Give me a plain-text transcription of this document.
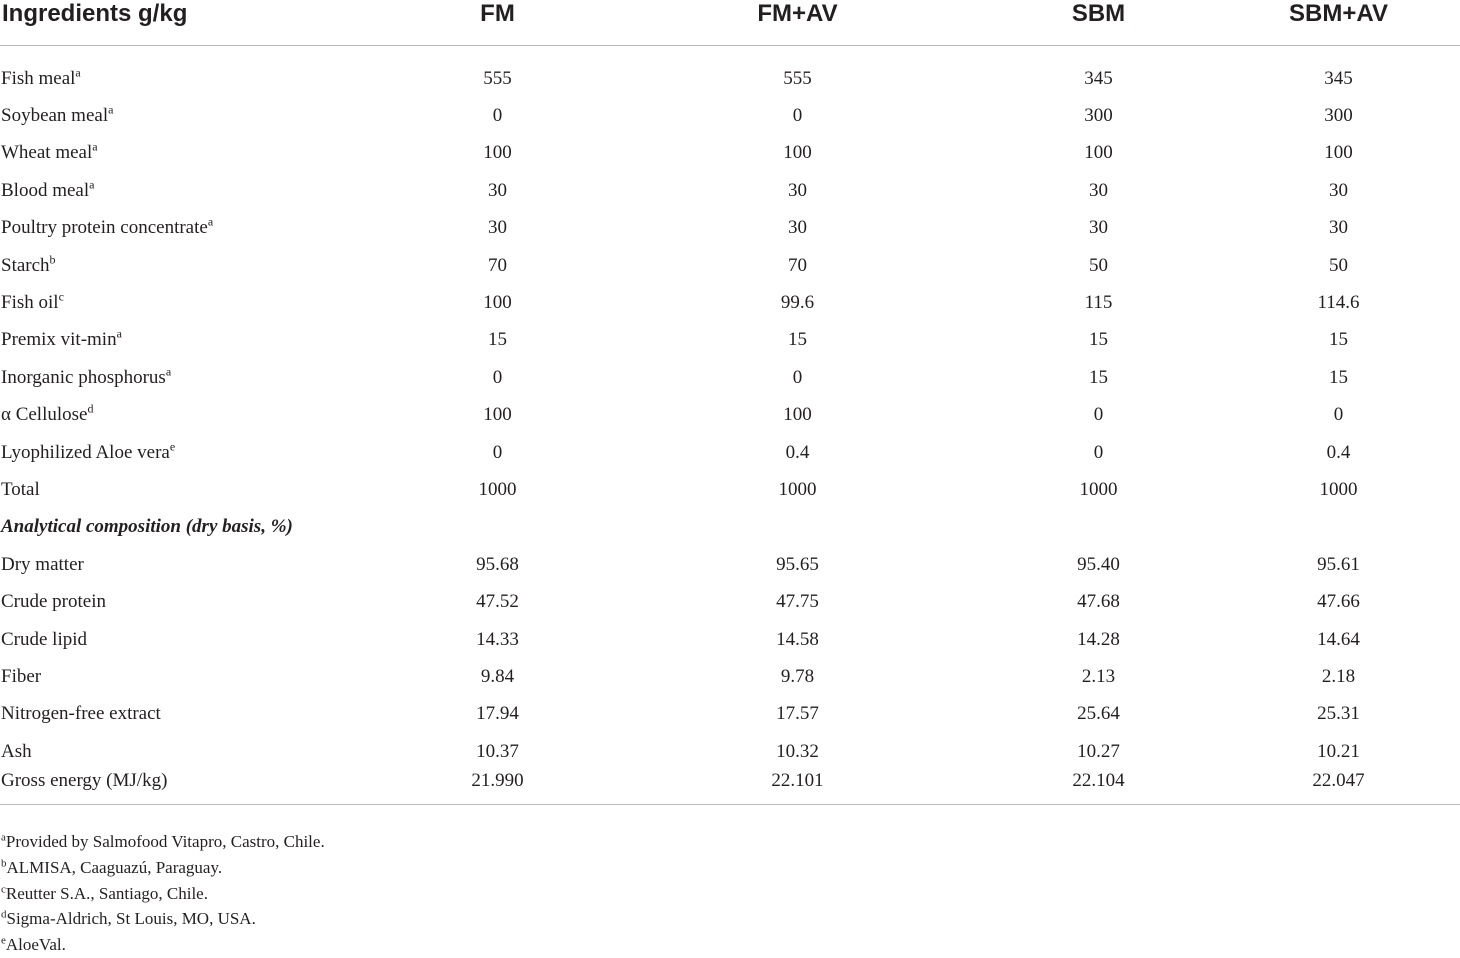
Ingredients g/kg	FM	FM+AV	SBM	SBM+AV

Fish meal$^a$	555	555	345	345
Soybean meal$^a$	0	0	300	300
Wheat meal$^a$	100	100	100	100
Blood meal$^a$	30	30	30	30
Poultry protein concentrate$^a$	30	30	30	30
Starch$^b$	70	70	50	50
Fish oil$^c$	100	99.6	115	114.6
Premix vit-$\min^a$	15	15	15	15
Inorganic phosphorus$^a$	0	0	15	15
α Cellulose$^d$	100	100	0	0
Lyophilized Aloe vera$^e$	0	0.4	0	0.4
Total	1000	1000	1000	1000
Analytical composition (dry basis, %)				
Dry matter	95.68	95.65	95.40	95.61
Crude protein	47.52	47.75	47.68	47.66
Crude lipid	14.33	14.58	14.28	14.64
Fiber	9.84	9.78	2.13	2.18
Nitrogen-free extract	17.94	17.57	25.64	25.31
Ash	10.37	10.32	10.27	10.21
Gross energy (MJ/kg)	21.990	22.101	22.104	22.047
$^a$Provided by Salmofood Vitapro, Castro, Chile.
$^b$ALMISA, Caaguazú, Paraguay.
$^c$Reutter S.A., Santiago, Chile.
$^d$Sigma-Aldrich, St Louis, MO, USA.
$^e$AloeVal.
